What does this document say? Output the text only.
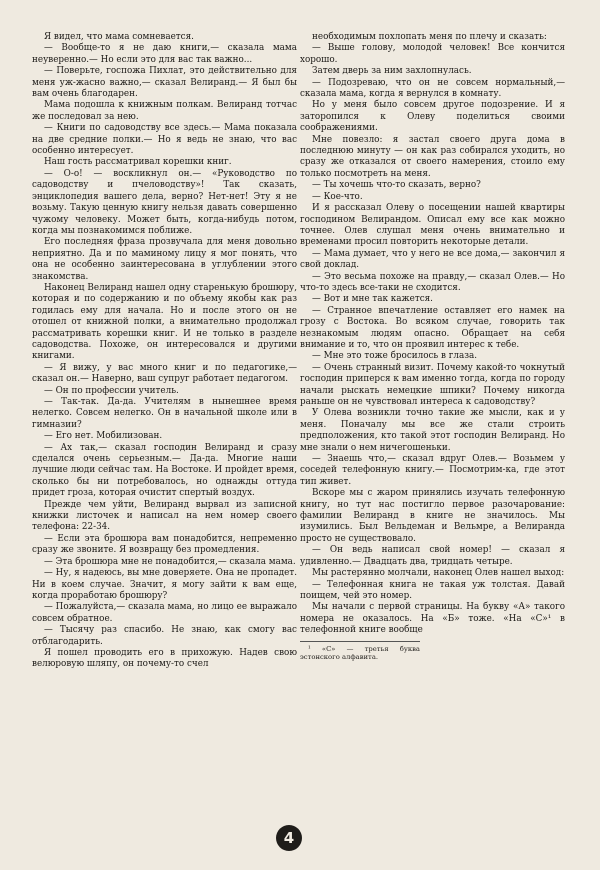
Я видел, что мама сомневается.

— Вообще-то я не даю книги,— сказала мама неуверенно.— Но если это для вас так важно...

— Поверьте, госпожа Пихлат, это действительно для меня уж-жасно важно,— сказал Велиранд.— Я был бы вам очень благодарен.

Мама подошла к книжным полкам. Велиранд тотчас же последовал за нею.

— Книги по садоводству все здесь.— Мама показала на две средние полки.— Но я ведь не знаю, что вас особенно интересует.

Наш гость рассматривал корешки книг.

— О-о! — воскликнул он.— «Руководство по садоводству и пчеловодству»! Так сказать, энциклопедия вашего дела, верно? Нет-нет! Эту я не возьму. Такую ценную книгу нельзя давать совершенно чужому человеку. Может быть, когда-нибудь потом, когда мы познакомимся поближе.

Его последняя фраза прозвучала для меня довольно неприятно. Да и по маминому лицу я мог понять, что она не особенно заинтересована в углублении этого знакомства.

Наконец Велиранд нашел одну старенькую брошюру, которая и по содержанию и по объему якобы как раз годилась ему для начала. Но и после этого он не отошел от книжной полки, а внимательно продолжал рассматривать корешки книг. И не только в разделе садоводства. Похоже, он интересовался и другими книгами.

— Я вижу, у вас много книг и по педагогике,— сказал он.— Наверно, ваш супруг работает педагогом.

— Он по профессии учитель.

— Так-так. Да-да. Учителям в нынешнее время нелегко. Совсем нелегко. Он в начальной школе или в гимназии?

— Его нет. Мобилизован.

— Ах так,— сказал господин Велиранд и сразу сделался очень серьезным.— Да-да. Многие наши лучшие люди сейчас там. На Востоке. И пройдет время, сколько бы ни потребовалось, но однажды оттуда придет гроза, которая очистит спертый воздух.

Прежде чем уйти, Велиранд вырвал из записной книжки листочек и написал на нем номер своего телефона: 22-34.

— Если эта брошюра вам понадобится, непременно сразу же звоните. Я возвращу без промедления.

— Эта брошюра мне не понадобится,— сказала мама.

— Ну, я надеюсь, вы мне доверяете. Она не пропадет. Ни в коем случае. Значит, я могу зайти к вам еще, когда проработаю брошюру?

— Пожалуйста,— сказала мама, но лицо ее выражало совсем обратное.

— Тысячу раз спасибо. Не знаю, как смогу вас отблагодарить.

Я пошел проводить его в прихожую. Надев свою велюровую шляпу, он почему-то счел

необходимым похлопать меня по плечу и сказать:

— Выше голову, молодой человек! Все кончится хорошо.

Затем дверь за ним захлопнулась.

— Подозреваю, что он не совсем нормальный,— сказала мама, когда я вернулся в комнату.

Но у меня было совсем другое подозрение. И я заторопился к Олеву поделиться своими соображениями.

Мне повезло: я застал своего друга дома в последнюю минуту — он как раз собирался уходить, но сразу же отказался от своего намерения, стоило ему только посмотреть на меня.

— Ты хочешь что-то сказать, верно?

— Кое-что.

И я рассказал Олеву о посещении нашей квартиры господином Велирандом. Описал ему все как можно точнее. Олев слушал меня очень внимательно и временами просил повторить некоторые детали.

— Мама думает, что у него не все дома,— закончил я свой доклад.

— Это весьма похоже на правду,— сказал Олев.— Но что-то здесь все-таки не сходится.

— Вот и мне так кажется.

— Странное впечатление оставляет его намек на грозу с Востока. Во всяком случае, говорить так незнакомым людям опасно. Обращает на себя внимание и то, что он проявил интерес к тебе.

— Мне это тоже бросилось в глаза.

— Очень странный визит. Почему какой-то чокнутый господин приперся к вам именно тогда, когда по городу начали рыскать немецкие шпики? Почему никогда раньше он не чувствовал интереса к садоводству?

У Олева возникли точно такие же мысли, как и у меня. Поначалу мы все же стали строить предположения, кто такой этот господин Велиранд. Но мне знали о нем ничегошеньки.

— Знаешь что,— сказал вдруг Олев.— Возьмем у соседей телефонную книгу.— Посмотрим-ка, где этот тип живет.

Вскоре мы с жаром принялись изучать телефонную книгу, но тут нас постигло первое разочарование: фамилии Велиранд в книге не значилось. Мы изумились. Был Вельдеман и Вельмре, а Велиранда просто не существовало.

— Он ведь написал свой номер! — сказал я удивленно.— Двадцать два, тридцать четыре.

Мы растерянно молчали, наконец Олев нашел выход:

— Телефонная книга не такая уж толстая. Давай поищем, чей это номер.

Мы начали с первой страницы. На букву «А» такого номера не оказалось. На «Б» тоже. «На «С»¹ в телефонной книге вообще

¹ «С» — третья буква эстонского алфавита.
4
